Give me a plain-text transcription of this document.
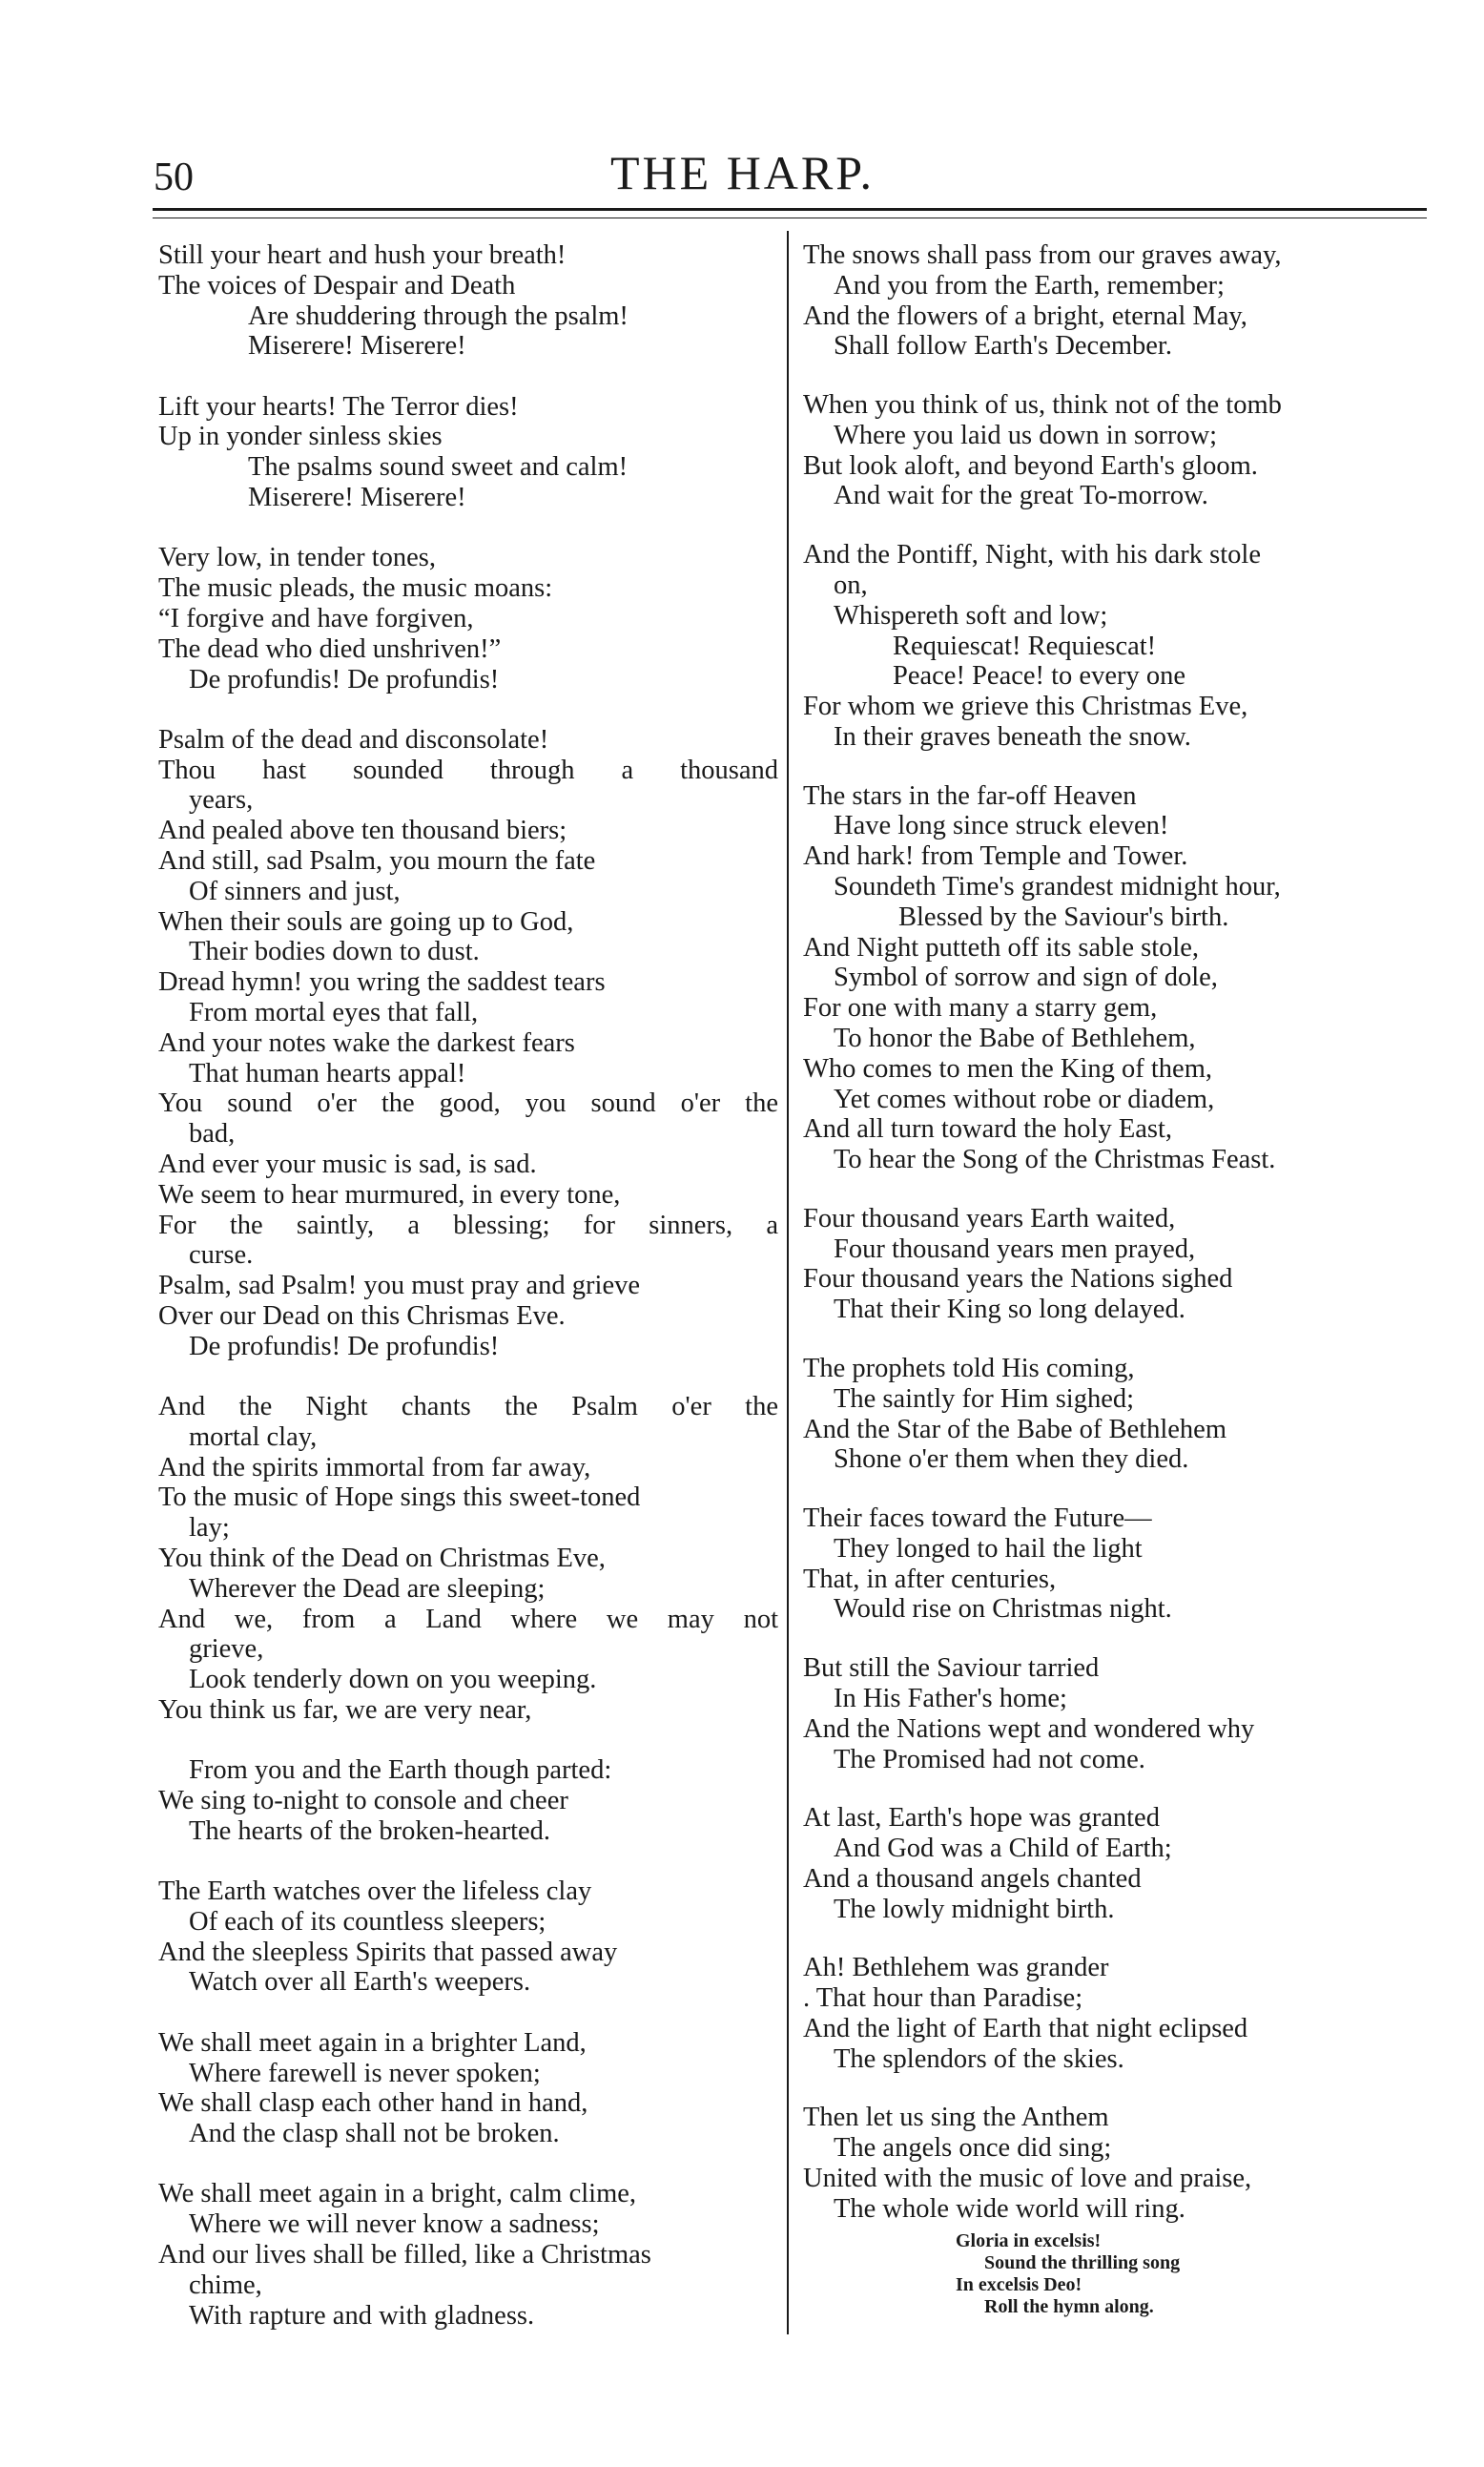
50	THE HARP.
Still your heart and hush your breath!
The voices of Despair and Death
Are shuddering through the psalm!
Miserere! Miserere!
Lift your hearts! The Terror dies!
Up in yonder sinless skies
The psalms sound sweet and calm!
Miserere! Miserere!
Very low, in tender tones,
The music pleads, the music moans:
“I forgive and have forgiven,
The dead who died unshriven!”
De profundis! De profundis!
Psalm of the dead and disconsolate!
Thou hast sounded through a thousand
years,
And pealed above ten thousand biers;
And still, sad Psalm, you mourn the fate
Of sinners and just,
When their souls are going up to God,
Their bodies down to dust.
Dread hymn! you wring the saddest tears
From mortal eyes that fall,
And your notes wake the darkest fears
That human hearts appal!
You sound o'er the good, you sound o'er the
bad,
And ever your music is sad, is sad.
We seem to hear murmured, in every tone,
For the saintly, a blessing; for sinners, a
curse.
Psalm, sad Psalm! you must pray and grieve
Over our Dead on this Chrismas Eve.
De profundis! De profundis!
And the Night chants the Psalm o'er the
mortal clay,
And the spirits immortal from far away,
To the music of Hope sings this sweet-toned
lay;
You think of the Dead on Christmas Eve,
Wherever the Dead are sleeping;
And we, from a Land where we may not
grieve,
Look tenderly down on you weeping.
You think us far, we are very near,
From you and the Earth though parted:
We sing to-night to console and cheer
The hearts of the broken-hearted.
The Earth watches over the lifeless clay
Of each of its countless sleepers;
And the sleepless Spirits that passed away
Watch over all Earth's weepers.
We shall meet again in a brighter Land,
Where farewell is never spoken;
We shall clasp each other hand in hand,
And the clasp shall not be broken.
We shall meet again in a bright, calm clime,
Where we will never know a sadness;
And our lives shall be filled, like a Christmas
chime,
With rapture and with gladness.
The snows shall pass from our graves away,
And you from the Earth, remember;
And the flowers of a bright, eternal May,
Shall follow Earth's December.
When you think of us, think not of the tomb
Where you laid us down in sorrow;
But look aloft, and beyond Earth's gloom.
And wait for the great To-morrow.
And the Pontiff, Night, with his dark stole
on,
Whispereth soft and low;
Requiescat! Requiescat!
Peace! Peace! to every one
For whom we grieve this Christmas Eve,
In their graves beneath the snow.
The stars in the far-off Heaven
Have long since struck eleven!
And hark! from Temple and Tower.
Soundeth Time's grandest midnight hour,
Blessed by the Saviour's birth.
And Night putteth off its sable stole,
Symbol of sorrow and sign of dole,
For one with many a starry gem,
To honor the Babe of Bethlehem,
Who comes to men the King of them,
Yet comes without robe or diadem,
And all turn toward the holy East,
To hear the Song of the Christmas Feast.
Four thousand years Earth waited,
Four thousand years men prayed,
Four thousand years the Nations sighed
That their King so long delayed.
The prophets told His coming,
The saintly for Him sighed;
And the Star of the Babe of Bethlehem
Shone o'er them when they died.
Their faces toward the Future—
They longed to hail the light
That, in after centuries,
Would rise on Christmas night.
But still the Saviour tarried
In His Father's home;
And the Nations wept and wondered why
The Promised had not come.
At last, Earth's hope was granted
And God was a Child of Earth;
And a thousand angels chanted
The lowly midnight birth.
Ah! Bethlehem was grander
. That hour than Paradise;
And the light of Earth that night eclipsed
The splendors of the skies.
Then let us sing the Anthem
The angels once did sing;
United with the music of love and praise,
The whole wide world will ring.
Gloria in excelsis!
Sound the thrilling song
In excelsis Deo!
Roll the hymn along.
